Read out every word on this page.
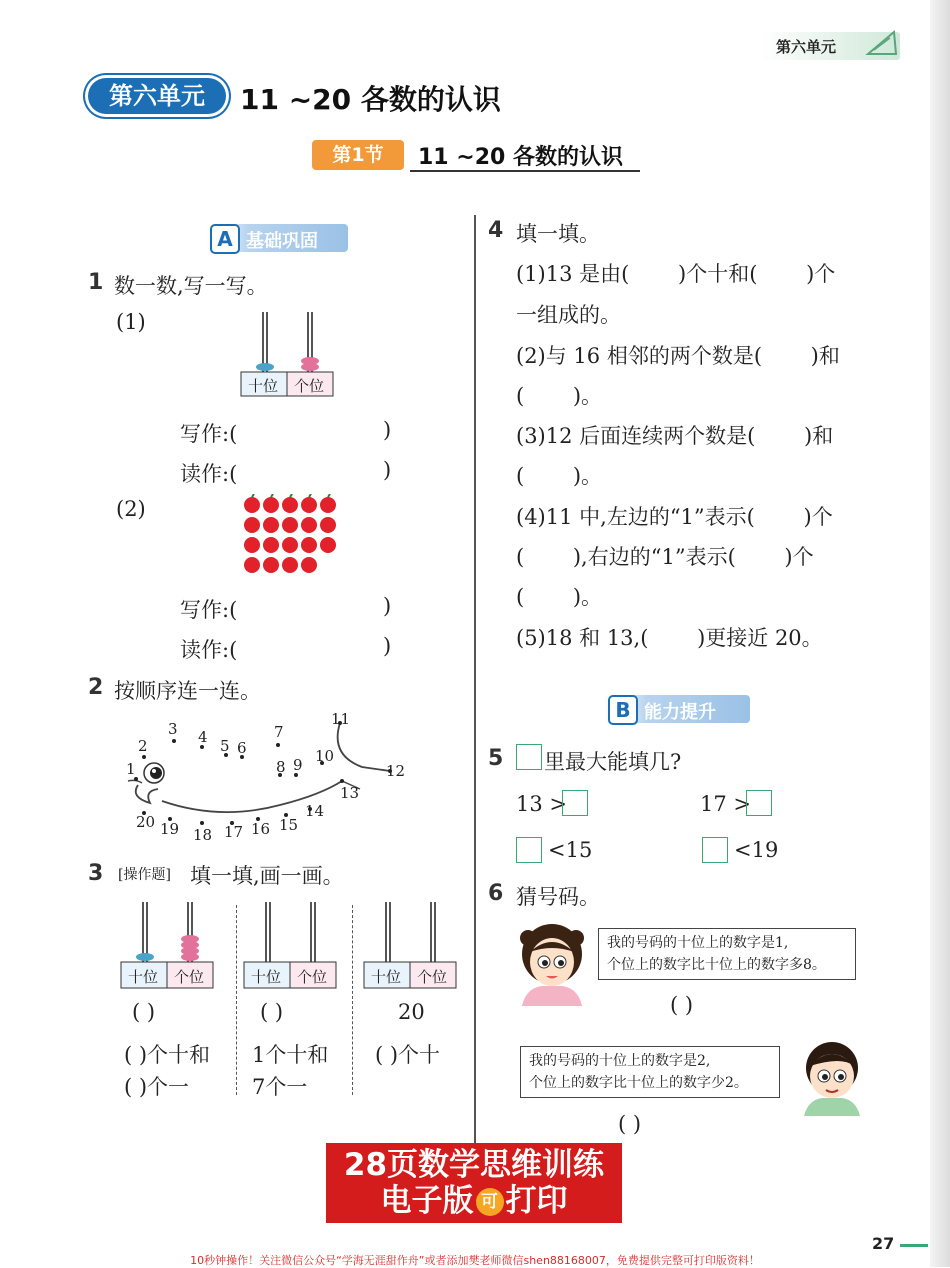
第六单元
第六单元	11 ~20 各数的认识
第1节	11 ~20 各数的认识
A 基础巩固
1 数一数,写一写。
(1)
十位 个位
写作:(	)
读作:(	)
(2)
写作:(	)
读作:(	)
2 按顺序连一连。
1
2
3 4 5 6
7
8 9 10
11
12
13
14
15
16
17
18
19
20
3 [操作题] 填一填,画一画。
十位 个位	十位 个位	十位 个位
( )
( )个十和
( )个一
( )
1个十和
7个一
20
( )个十
4 填一填。
(1)13 是由(　　 )个十和(　　 )个
一组成的。
(2)与 16 相邻的两个数是(　　 )和
(　　 )。
(3)12 后面连续两个数是(　　 )和
(　　 )。
(4)11 中,左边的“1”表示(　　 )个
(　　 ),右边的“1”表示(　　 )个
(　　 )。
(5)18 和 13,(　　 )更接近 20。
B 能力提升
5 里最大能填几?
13 >	17 >
<15	<19
6 猜号码。
我的号码的十位上的数字是1,
个位上的数字比十位上的数字多8。
( )
我的号码的十位上的数字是2,
个位上的数字比十位上的数字少2。
( )
28页数学思维训练
电子版 可 打印
27
10秒钟操作！关注微信公众号“学海无涯甜作舟”或者添加樊老师微信shen88168007，免费提供完整可打印版资料！
